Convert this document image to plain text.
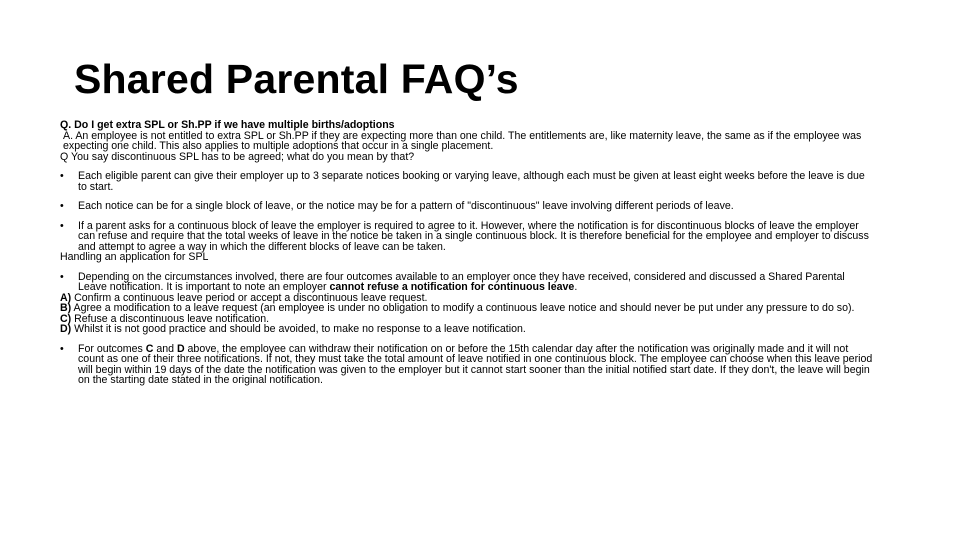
Shared Parental FAQ’s

Q. Do I get extra SPL or Sh.PP if we have multiple births/adoptions

A. An employee is not entitled to extra SPL or Sh.PP if they are expecting more than one child. The entitlements are, like maternity leave, the same as if the employee was expecting one child. This also applies to multiple adoptions that occur in a single placement.

Q You say discontinuous SPL has to be agreed; what do you mean by that?

• Each eligible parent can give their employer up to 3 separate notices booking or varying leave, although each must be given at least eight weeks before the leave is due to start.
• Each notice can be for a single block of leave, or the notice may be for a pattern of "discontinuous" leave involving different periods of leave.
• If a parent asks for a continuous block of leave the employer is required to agree to it. However, where the notification is for discontinuous blocks of leave the employer can refuse and require that the total weeks of leave in the notice be taken in a single continuous block. It is therefore beneficial for the employee and employer to discuss and attempt to agree a way in which the different blocks of leave can be taken.

Handling an application for SPL

• Depending on the circumstances involved, there are four outcomes available to an employer once they have received, considered and discussed a Shared Parental Leave notification. It is important to note an employer cannot refuse a notification for continuous leave.

A) Confirm a continuous leave period or accept a discontinuous leave request.

B) Agree a modification to a leave request (an employee is under no obligation to modify a continuous leave notice and should never be put under any pressure to do so).

C) Refuse a discontinuous leave notification.

D) Whilst it is not good practice and should be avoided, to make no response to a leave notification.

• For outcomes C and D above, the employee can withdraw their notification on or before the 15th calendar day after the notification was originally made and it will not count as one of their three notifications. If not, they must take the total amount of leave notified in one continuous block. The employee can choose when this leave period will begin within 19 days of the date the notification was given to the employer but it cannot start sooner than the initial notified start date. If they don't, the leave will begin on the starting date stated in the original notification.
